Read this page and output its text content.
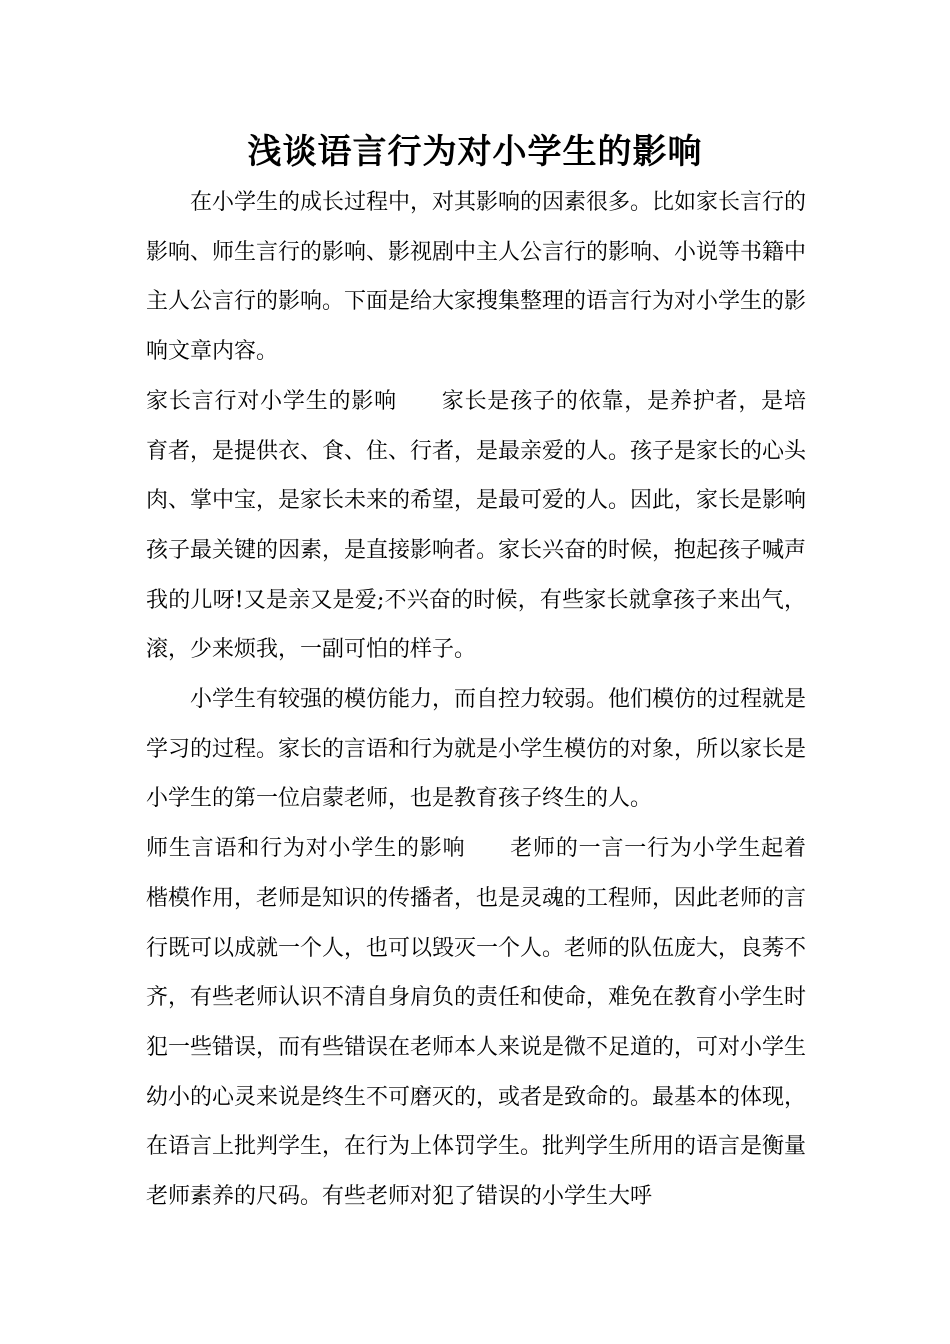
浅谈语言行为对小学生的影响

在小学生的成长过程中，对其影响的因素很多。比如家长言行的影响、师生言行的影响、影视剧中主人公言行的影响、小说等书籍中主人公言行的影响。下面是给大家搜集整理的语言行为对小学生的影响文章内容。

家长言行对小学生的影响 家长是孩子的依靠，是养护者，是培育者，是提供衣、食、住、行者，是最亲爱的人。孩子是家长的心头肉、掌中宝，是家长未来的希望，是最可爱的人。因此，家长是影响孩子最关键的因素，是直接影响者。家长兴奋的时候，抱起孩子喊声我的儿呀!又是亲又是爱;不兴奋的时候，有些家长就拿孩子来出气，滚，少来烦我，一副可怕的样子。

小学生有较强的模仿能力，而自控力较弱。他们模仿的过程就是学习的过程。家长的言语和行为就是小学生模仿的对象，所以家长是小学生的第一位启蒙老师，也是教育孩子终生的人。

师生言语和行为对小学生的影响 老师的一言一行为小学生起着楷模作用，老师是知识的传播者，也是灵魂的工程师，因此老师的言行既可以成就一个人，也可以毁灭一个人。老师的队伍庞大，良莠不齐，有些老师认识不清自身肩负的责任和使命，难免在教育小学生时犯一些错误，而有些错误在老师本人来说是微不足道的，可对小学生幼小的心灵来说是终生不可磨灭的，或者是致命的。最基本的体现，在语言上批判学生，在行为上体罚学生。批判学生所用的语言是衡量老师素养的尺码。有些老师对犯了错误的小学生大呼
